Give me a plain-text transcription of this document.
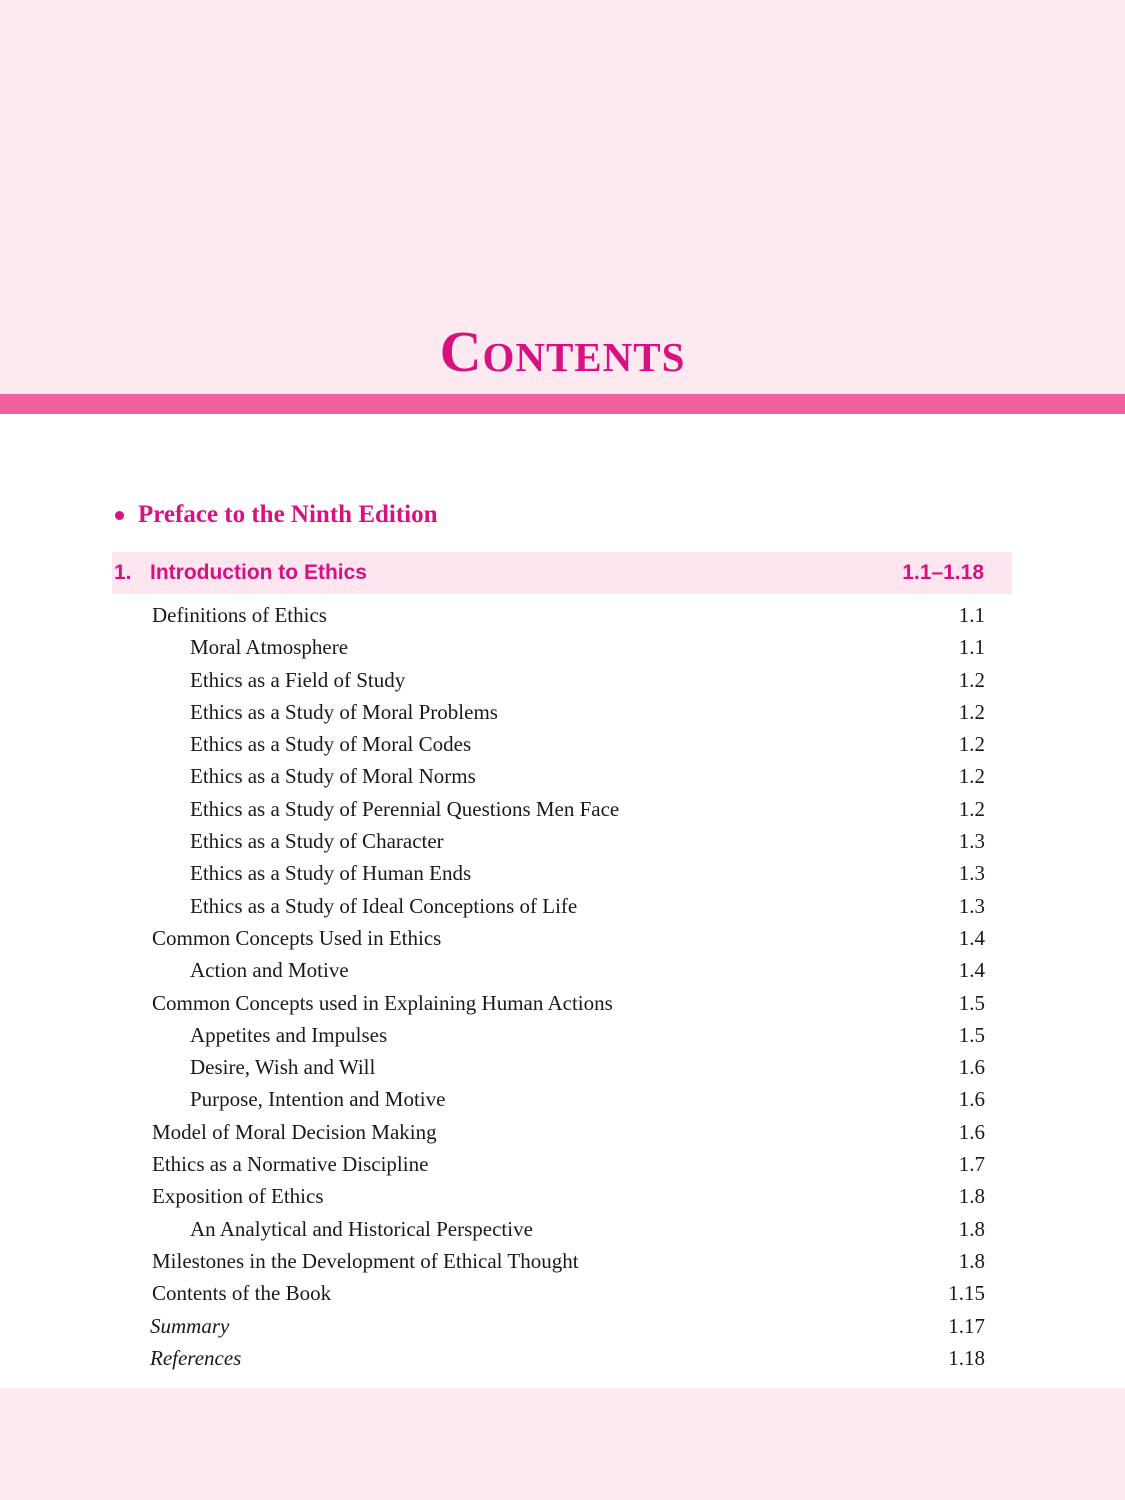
Contents
Preface to the Ninth Edition
1. Introduction to Ethics	1.1–1.18
Definitions of Ethics	1.1
Moral Atmosphere	1.1
Ethics as a Field of Study	1.2
Ethics as a Study of Moral Problems	1.2
Ethics as a Study of Moral Codes	1.2
Ethics as a Study of Moral Norms	1.2
Ethics as a Study of Perennial Questions Men Face	1.2
Ethics as a Study of Character	1.3
Ethics as a Study of Human Ends	1.3
Ethics as a Study of Ideal Conceptions of Life	1.3
Common Concepts Used in Ethics	1.4
Action and Motive	1.4
Common Concepts used in Explaining Human Actions	1.5
Appetites and Impulses	1.5
Desire, Wish and Will	1.6
Purpose, Intention and Motive	1.6
Model of Moral Decision Making	1.6
Ethics as a Normative Discipline	1.7
Exposition of Ethics	1.8
An Analytical and Historical Perspective	1.8
Milestones in the Development of Ethical Thought	1.8
Contents of the Book	1.15
Summary	1.17
References	1.18
